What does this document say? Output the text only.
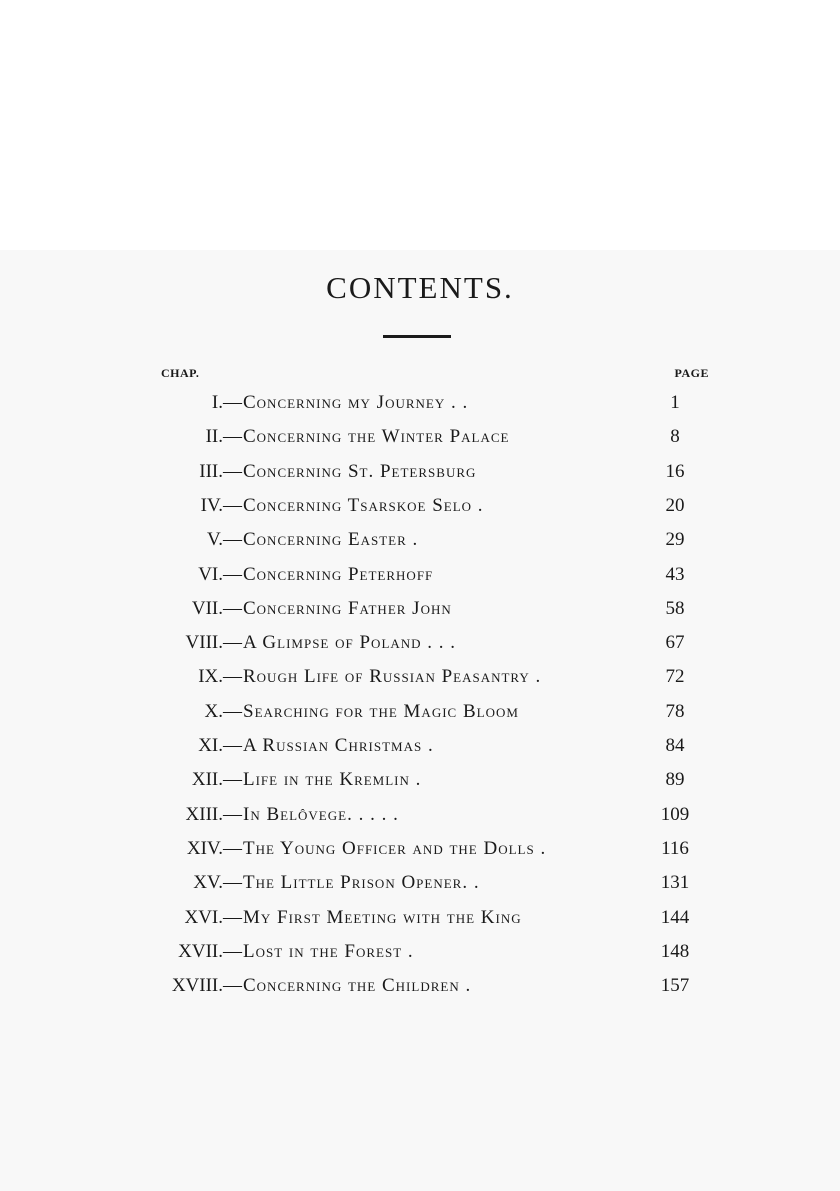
CONTENTS.
CHAP.	PAGE
I. — Concerning my Journey . .	1
II. — Concerning the Winter Palace	8
III. — Concerning St. Petersburg	16
IV. — Concerning Tsarskoe Selo .	20
V. — Concerning Easter .	29
VI. — Concerning Peterhoff	43
VII. — Concerning Father John	58
VIII. — A Glimpse of Poland . . .	67
IX. — Rough Life of Russian Peasantry .	72
X. — Searching for the Magic Bloom	78
XI. — A Russian Christmas .	84
XII. — Life in the Kremlin .	89
XIII. — In Belôvege. . . . .	109
XIV. — The Young Officer and the Dolls .	116
XV. — The Little Prison Opener. .	131
XVI. — My First Meeting with the King	144
XVII. — Lost in the Forest .	148
XVIII. — Concerning the Children .	157
